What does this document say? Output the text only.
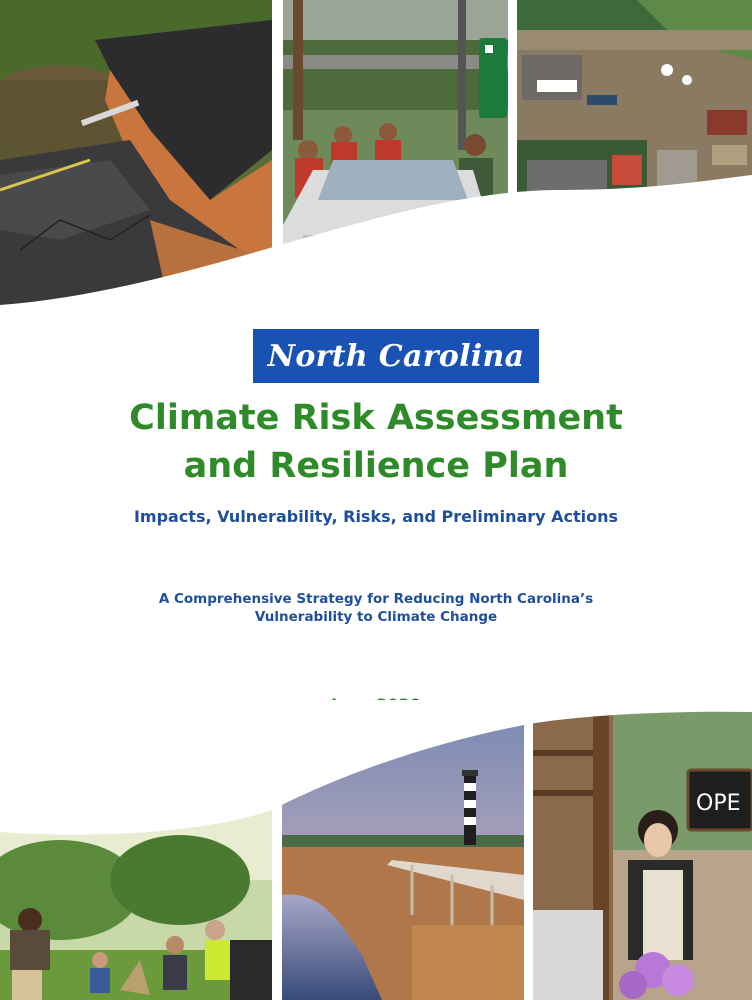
North Carolina
Climate Risk Assessment
and Resilience Plan
Impacts, Vulnerability, Risks, and Preliminary Actions
A Comprehensive Strategy for Reducing North Carolina’s
Vulnerability to Climate Change
OPE
